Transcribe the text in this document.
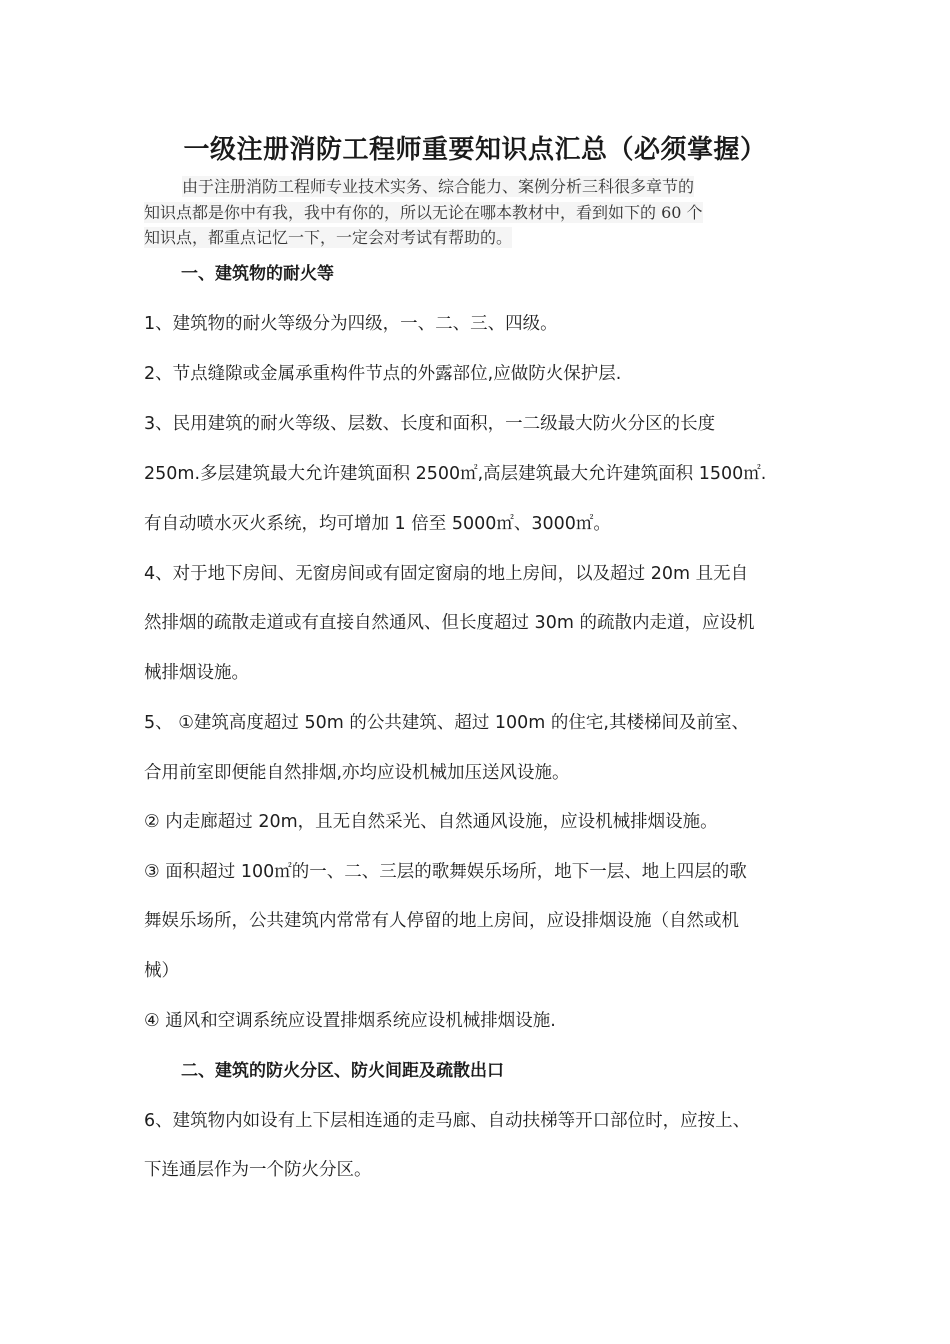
一级注册消防工程师重要知识点汇总（必须掌握）
由于注册消防工程师专业技术实务、综合能力、案例分析三科很多章节的
知识点都是你中有我，我中有你的，所以无论在哪本教材中，看到如下的 60 个
知识点，都重点记忆一下，一定会对考试有帮助的。
一、建筑物的耐火等
1、建筑物的耐火等级分为四级，一、二、三、四级。
2、节点缝隙或金属承重构件节点的外露部位,应做防火保护层.
3、民用建筑的耐火等级、层数、长度和面积，一二级最大防火分区的长度
250m.多层建筑最大允许建筑面积 2500㎡,高层建筑最大允许建筑面积 1500㎡.
有自动喷水灭火系统，均可增加 1 倍至 5000㎡、3000㎡。
4、对于地下房间、无窗房间或有固定窗扇的地上房间，以及超过 20m 且无自
然排烟的疏散走道或有直接自然通风、但长度超过 30m 的疏散内走道，应设机
械排烟设施。
5、 ①建筑高度超过 50m 的公共建筑、超过 100m 的住宅,其楼梯间及前室、
合用前室即便能自然排烟,亦均应设机械加压送风设施。
② 内走廊超过 20m，且无自然采光、自然通风设施，应设机械排烟设施。
③ 面积超过 100㎡的一、二、三层的歌舞娱乐场所，地下一层、地上四层的歌
舞娱乐场所，公共建筑内常常有人停留的地上房间，应设排烟设施（自然或机
械）
④ 通风和空调系统应设置排烟系统应设机械排烟设施.
二、建筑的防火分区、防火间距及疏散出口
6、建筑物内如设有上下层相连通的走马廊、自动扶梯等开口部位时，应按上、
下连通层作为一个防火分区。
